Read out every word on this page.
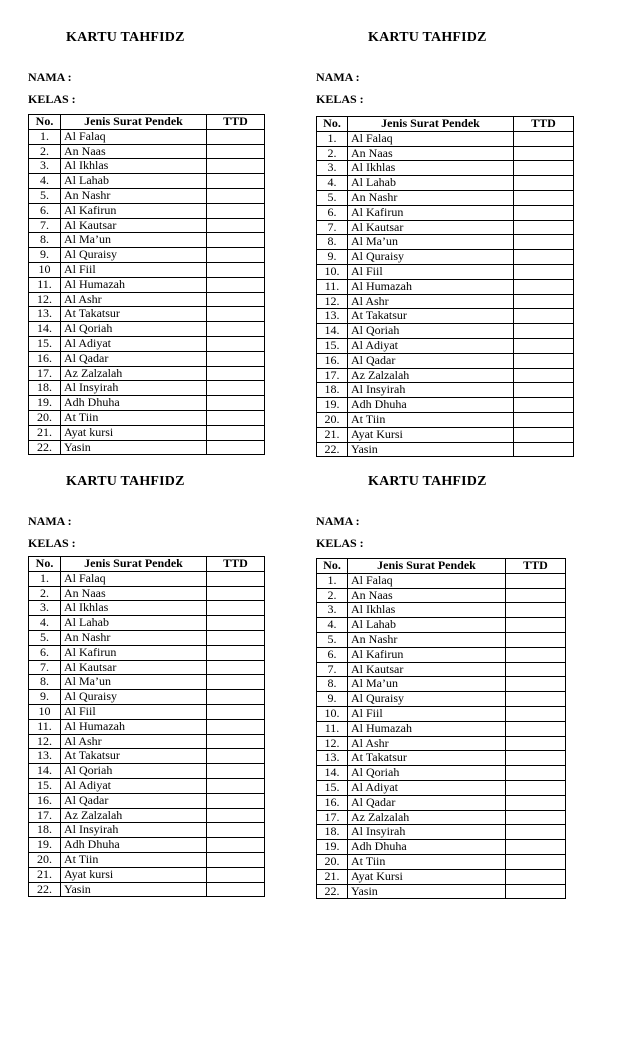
KARTU TAHFIDZ
NAMA :
KELAS :
No.	Jenis Surat Pendek	TTD
1.	Al Falaq	
2.	An Naas	
3.	Al Ikhlas	
4.	Al Lahab	
5.	An Nashr	
6.	Al Kafirun	
7.	Al Kautsar	
8.	Al Ma’un	
9.	Al Quraisy	
10	Al Fiil	
11.	Al Humazah	
12.	Al Ashr	
13.	At Takatsur	
14.	Al Qoriah	
15.	Al Adiyat	
16.	Al Qadar	
17.	Az Zalzalah	
18.	Al Insyirah	
19.	Adh Dhuha	
20.	At Tiin	
21.	Ayat kursi	
22.	Yasin	
KARTU TAHFIDZ
NAMA :
KELAS :
No.	Jenis Surat Pendek	TTD
1.	Al Falaq	
2.	An Naas	
3.	Al Ikhlas	
4.	Al Lahab	
5.	An Nashr	
6.	Al Kafirun	
7.	Al Kautsar	
8.	Al Ma’un	
9.	Al Quraisy	
10.	Al Fiil	
11.	Al Humazah	
12.	Al Ashr	
13.	At Takatsur	
14.	Al Qoriah	
15.	Al Adiyat	
16.	Al Qadar	
17.	Az Zalzalah	
18.	Al Insyirah	
19.	Adh Dhuha	
20.	At Tiin	
21.	Ayat Kursi	
22.	Yasin	
KARTU TAHFIDZ
NAMA :
KELAS :
No.	Jenis Surat Pendek	TTD
1.	Al Falaq	
2.	An Naas	
3.	Al Ikhlas	
4.	Al Lahab	
5.	An Nashr	
6.	Al Kafirun	
7.	Al Kautsar	
8.	Al Ma’un	
9.	Al Quraisy	
10	Al Fiil	
11.	Al Humazah	
12.	Al Ashr	
13.	At Takatsur	
14.	Al Qoriah	
15.	Al Adiyat	
16.	Al Qadar	
17.	Az Zalzalah	
18.	Al Insyirah	
19.	Adh Dhuha	
20.	At Tiin	
21.	Ayat kursi	
22.	Yasin	
KARTU TAHFIDZ
NAMA :
KELAS :
No.	Jenis Surat Pendek	TTD
1.	Al Falaq	
2.	An Naas	
3.	Al Ikhlas	
4.	Al Lahab	
5.	An Nashr	
6.	Al Kafirun	
7.	Al Kautsar	
8.	Al Ma’un	
9.	Al Quraisy	
10.	Al Fiil	
11.	Al Humazah	
12.	Al Ashr	
13.	At Takatsur	
14.	Al Qoriah	
15.	Al Adiyat	
16.	Al Qadar	
17.	Az Zalzalah	
18.	Al Insyirah	
19.	Adh Dhuha	
20.	At Tiin	
21.	Ayat Kursi	
22.	Yasin	
